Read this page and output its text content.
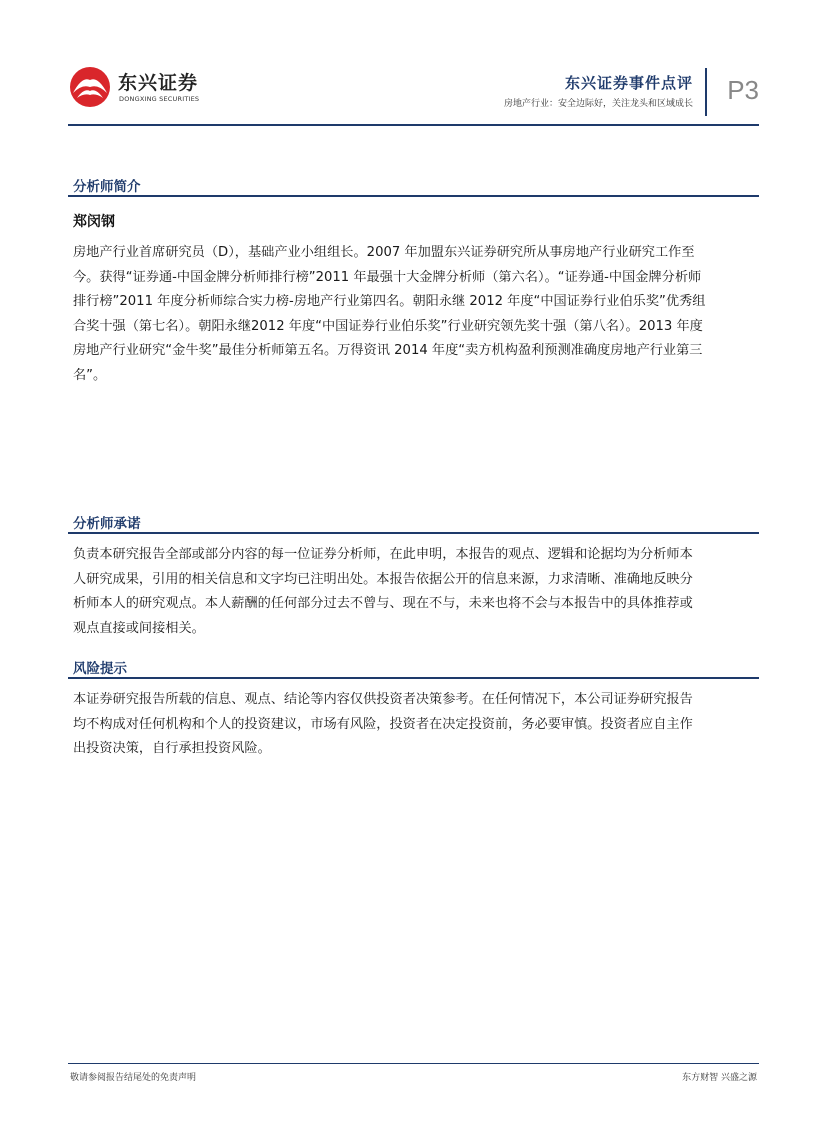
东兴证券
DONGXING SECURITIES
东兴证券事件点评
房地产行业：安全边际好，关注龙头和区域成长 P3
分析师简介
郑闵钢
房地产行业首席研究员（D），基础产业小组组长。2007 年加盟东兴证券研究所从事房地产行业研究工作至
今。获得“证券通-中国金牌分析师排行榜”2011 年最强十大金牌分析师（第六名）。“证券通-中国金牌分析师
排行榜”2011 年度分析师综合实力榜-房地产行业第四名。朝阳永继 2012 年度“中国证券行业伯乐奖”优秀组
合奖十强（第七名）。朝阳永继2012 年度“中国证券行业伯乐奖”行业研究领先奖十强（第八名）。2013 年度
房地产行业研究“金牛奖”最佳分析师第五名。万得资讯 2014 年度“卖方机构盈利预测准确度房地产行业第三
名”。
分析师承诺
负责本研究报告全部或部分内容的每一位证券分析师，在此申明，本报告的观点、逻辑和论据均为分析师本
人研究成果，引用的相关信息和文字均已注明出处。本报告依据公开的信息来源，力求清晰、准确地反映分
析师本人的研究观点。本人薪酬的任何部分过去不曾与、现在不与，未来也将不会与本报告中的具体推荐或
观点直接或间接相关。
风险提示
本证券研究报告所载的信息、观点、结论等内容仅供投资者决策参考。在任何情况下，本公司证券研究报告
均不构成对任何机构和个人的投资建议，市场有风险，投资者在决定投资前，务必要审慎。投资者应自主作
出投资决策，自行承担投资风险。
敬请参阅报告结尾处的免责声明	东方财智 兴盛之源
